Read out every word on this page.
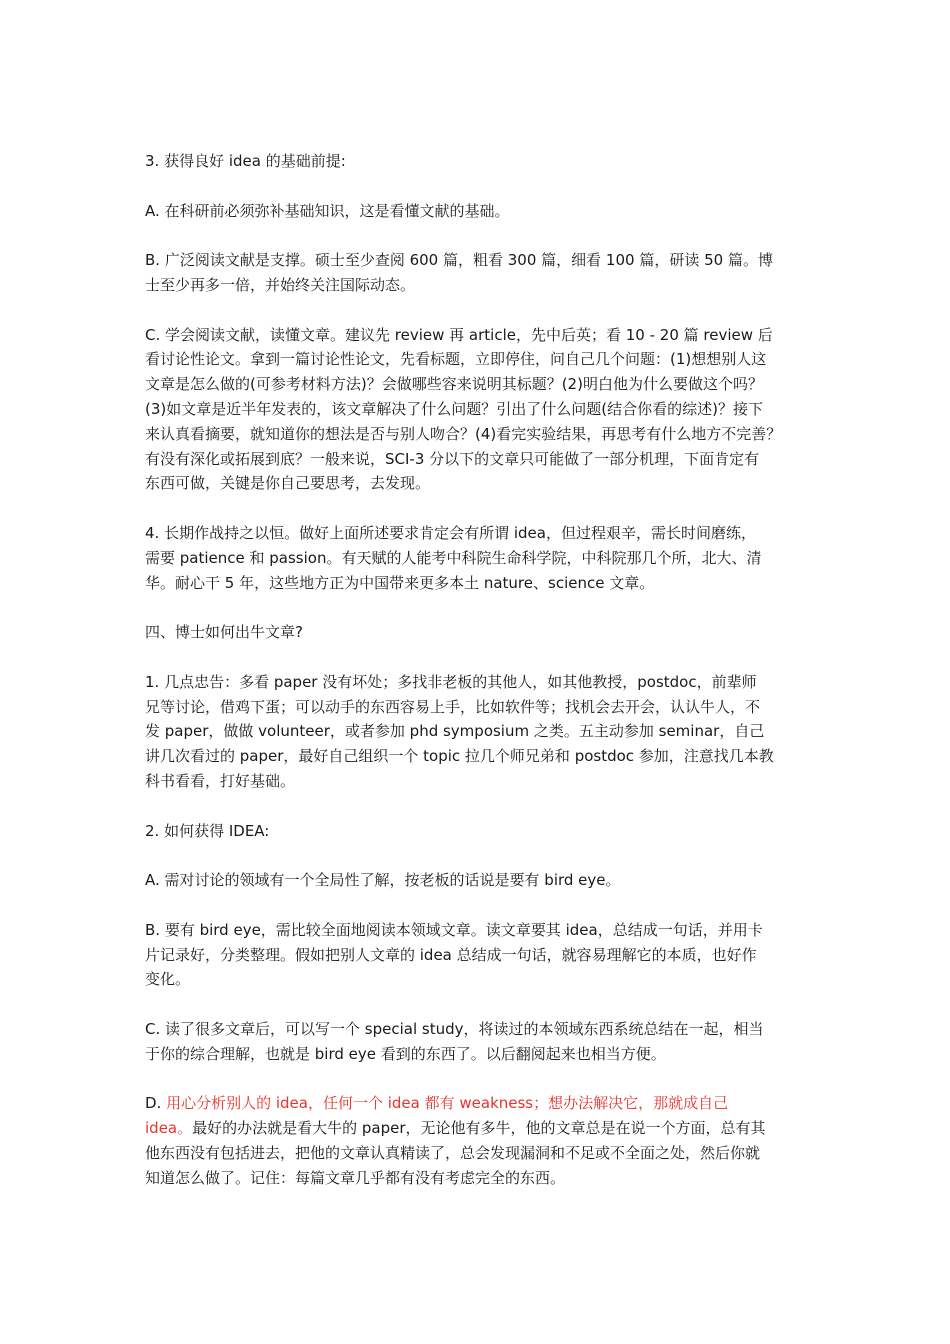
3. 获得良好 idea 的基础前提:

A. 在科研前必须弥补基础知识，这是看懂文献的基础。

B. 广泛阅读文献是支撑。硕士至少查阅 600 篇，粗看 300 篇，细看 100 篇，研读 50 篇。博
士至少再多一倍，并始终关注国际动态。

C. 学会阅读文献，读懂文章。建议先 review 再 article，先中后英；看 10 - 20 篇 review 后
看讨论性论文。拿到一篇讨论性论文，先看标题，立即停住，问自己几个问题：(1)想想别人这
文章是怎么做的(可参考材料方法)？会做哪些容来说明其标题？(2)明白他为什么要做这个吗？
(3)如文章是近半年发表的，该文章解决了什么问题？引出了什么问题(结合你看的综述)？接下
来认真看摘要，就知道你的想法是否与别人吻合？(4)看完实验结果，再思考有什么地方不完善？
有没有深化或拓展到底？一般来说，SCI-3 分以下的文章只可能做了一部分机理，下面肯定有
东西可做，关键是你自己要思考，去发现。

4. 长期作战持之以恒。做好上面所述要求肯定会有所谓 idea，但过程艰辛，需长时间磨练，
需要 patience 和 passion。有天赋的人能考中科院生命科学院，中科院那几个所，北大、清
华。耐心干 5 年，这些地方正为中国带来更多本土 nature、science 文章。

四、博士如何出牛文章?

1. 几点忠告：多看 paper 没有坏处；多找非老板的其他人，如其他教授，postdoc，前辈师
兄等讨论，借鸡下蛋；可以动手的东西容易上手，比如软件等；找机会去开会，认认牛人，不
发 paper，做做 volunteer，或者参加 phd symposium 之类。五主动参加 seminar，自己
讲几次看过的 paper，最好自己组织一个 topic 拉几个师兄弟和 postdoc 参加，注意找几本教
科书看看，打好基础。

2. 如何获得 IDEA:

A. 需对讨论的领域有一个全局性了解，按老板的话说是要有 bird eye。

B. 要有 bird eye，需比较全面地阅读本领域文章。读文章要其 idea，总结成一句话，并用卡
片记录好，分类整理。假如把别人文章的 idea 总结成一句话，就容易理解它的本质，也好作
变化。

C. 读了很多文章后，可以写一个 special study，将读过的本领域东西系统总结在一起，相当
于你的综合理解，也就是 bird eye 看到的东西了。以后翻阅起来也相当方便。

D. 用心分析别人的 idea，任何一个 idea 都有 weakness；想办法解决它，那就成自己
idea。最好的办法就是看大牛的 paper，无论他有多牛，他的文章总是在说一个方面，总有其
他东西没有包括进去，把他的文章认真精读了，总会发现漏洞和不足或不全面之处，然后你就
知道怎么做了。记住：每篇文章几乎都有没有考虑完全的东西。
